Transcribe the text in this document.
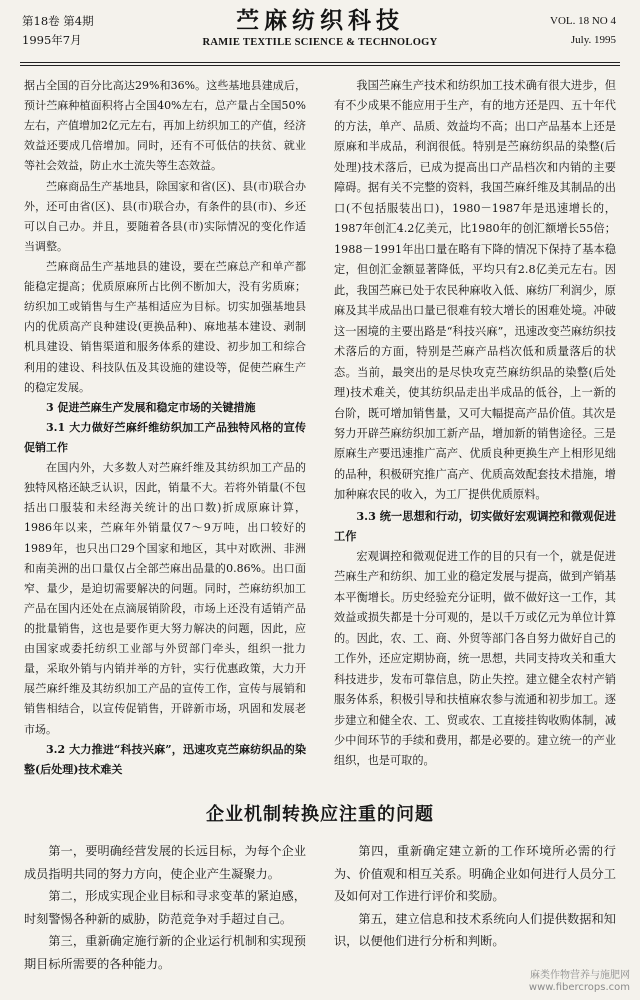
第18卷 第4期
1995年7月
苎麻纺织科技
RAMIE TEXTILE SCIENCE & TECHNOLOGY
VOL. 18 NO 4
July. 1995

据占全国的百分比高达29%和36%。这些基地县建成后，预计苎麻种植面积将占全国40%左右，总产量占全国50%左右，产值增加2亿元左右，再加上纺织加工的产值，经济效益还要成几倍增加。同时，还有不可低估的扶贫、就业等社会效益，防止水土流失等生态效益。

苎麻商品生产基地县，除国家和省(区)、县(市)联合办外，还可由省(区)、县(市)联合办，有条件的县(市)、乡还可以自己办。并且，要随着各县(市)实际情况的变化作适当调整。

苎麻商品生产基地县的建设，要在苎麻总产和单产都能稳定提高；优质原麻所占比例不断加大，没有劣质麻；纺织加工或销售与生产基相适应为目标。切实加强基地县内的优质高产良种建设(更换品种)、麻地基本建设、剥制机具建设、销售渠道和服务体系的建设、初步加工和综合利用的建设、科技队伍及其设施的建设等，促使苎麻生产的稳定发展。

3 促进苎麻生产发展和稳定市场的关键措施

3.1 大力做好苎麻纤维纺织加工产品独特风格的宣传促销工作

在国内外，大多数人对苎麻纤维及其纺织加工产品的独特风格还缺乏认识，因此，销量不大。若将外销量(不包括出口服装和未经海关统计的出口数)折成原麻计算，1986年以来，苎麻年外销量仅7～9万吨，出口较好的1989年，也只出口29个国家和地区，其中对欧洲、非洲和南美洲的出口量仅占全部苎麻出品量的0.86%。出口面窄、量少，是迫切需要解决的问题。同时，苎麻纺织加工产品在国内还处在点滴展销阶段，市场上还没有适销产品的批量销售，这也是要作更大努力解决的问题，因此，应由国家或委托纺织工业部与外贸部门牵头，组织一批力量，采取外销与内销并举的方针，实行优惠政策，大力开展苎麻纤维及其纺织加工产品的宣传工作，宣传与展销和销售相结合，以宣传促销售，开辟新市场，巩固和发展老市场。

3.2 大力推进“科技兴麻”，迅速攻克苎麻纺织品的染整(后处理)技术难关

我国苎麻生产技术和纺织加工技术确有很大进步，但有不少成果不能应用于生产，有的地方还是四、五十年代的方法，单产、品质、效益均不高；出口产品基本上还是原麻和半成品，利润很低。特别是苎麻纺织品的染整(后处理)技术落后，已成为提高出口产品档次和内销的主要障碍。据有关不完整的资料，我国苎麻纤维及其制品的出口(不包括服装出口)，1980－1987年是迅速增长的，1987年创汇4.2亿美元，比1980年的创汇额增长55倍；1988－1991年出口量在略有下降的情况下保持了基本稳定，但创汇金额显著降低，平均只有2.8亿美元左右。因此，我国苎麻已处于农民种麻收入低、麻纺厂利润少，原麻及其半成品出口量已很难有较大增长的困难处境。冲破这一困境的主要出路是“科技兴麻”，迅速改变苎麻纺织技术落后的方面，特别是苎麻产品档次低和质量落后的状态。当前，最突出的是尽快攻克苎麻纺织品的染整(后处理)技术难关，使其纺织品走出半成品的低谷，上一新的台阶，既可增加销售量，又可大幅提高产品价值。其次是努力开辟苎麻纺织加工新产品，增加新的销售途径。三是原麻生产要迅速推广高产、优质良种更换生产上相形见绌的品种，积极研究推广高产、优质高效配套技术措施，增加种麻农民的收入，为工厂提供优质原料。

3.3 统一思想和行动，切实做好宏观调控和微观促进工作

宏观调控和微观促进工作的目的只有一个，就是促进苎麻生产和纺织、加工业的稳定发展与提高，做到产销基本平衡增长。历史经验充分证明，做不做好这一工作，其效益或损失都是十分可观的，是以千万或亿元为单位计算的。因此，农、工、商、外贸等部门各自努力做好自己的工作外，还应定期协商，统一思想，共同支持攻关和重大科技进步，发布可靠信息，防止失控。建立健全农村产销服务体系，积极引导和扶植麻农参与流通和初步加工。逐步建立和健全农、工、贸或农、工直接挂钩收购体制，减少中间环节的手续和费用，都是必要的。建立统一的产业组织，也是可取的。

企业机制转换应注重的问题

第一，要明确经营发展的长远目标，为每个企业成员指明共同的努力方向，使企业产生凝聚力。

第二，形成实现企业目标和寻求变革的紧迫感，时刻警惕各种新的威胁，防范竞争对手超过自己。

第三，重新确定施行新的企业运行机制和实现预期目标所需要的各种能力。

第四，重新确定建立新的工作环境所必需的行为、价值观和相互关系。明确企业如何进行人员分工及如何对工作进行评价和奖励。

第五，建立信息和技术系统向人们提供数据和知识，以便他们进行分析和判断。

麻类作物营养与施肥网
www.fibercrops.com
